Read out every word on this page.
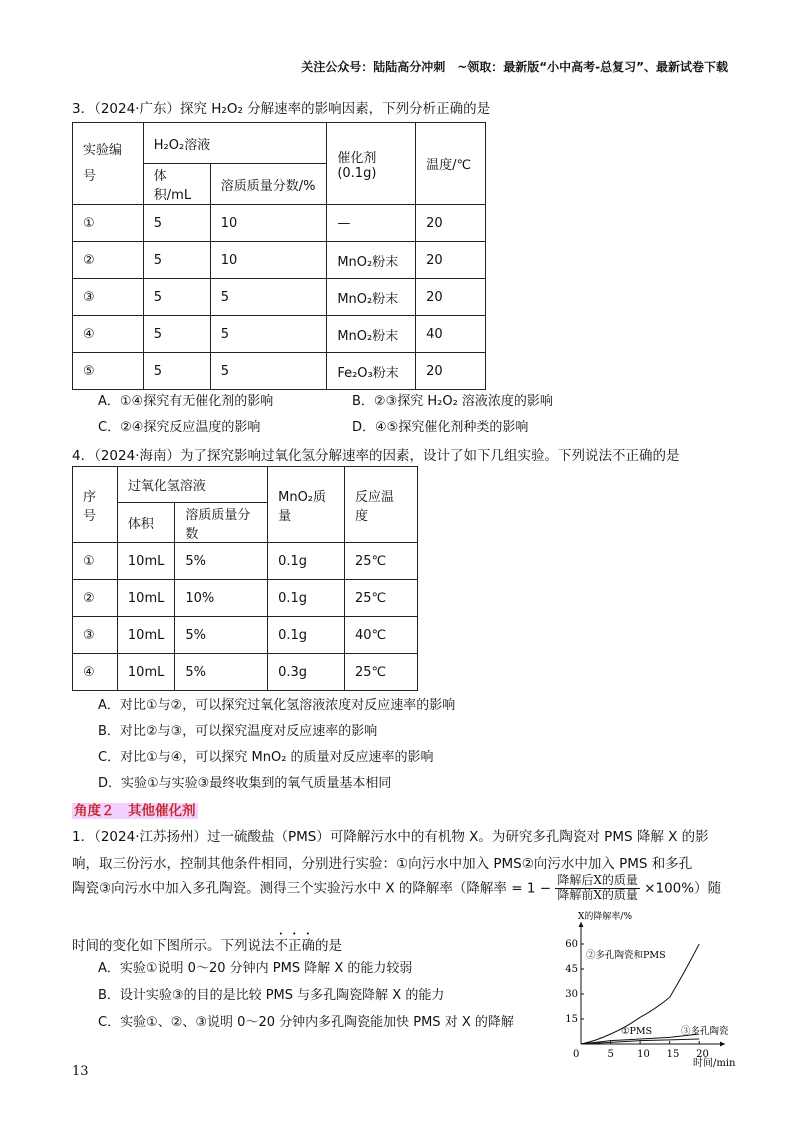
关注公众号：陆陆高分冲刺　~领取：最新版“小中高考-总复习”、最新试卷下载
3．（2024·广东）探究 H₂O₂ 分解速率的影响因素，下列分析正确的是
实验编号	H₂O₂溶液		催化剂(0.1g)	温度/℃
	体积/mL	溶质质量分数/%		
①	5	10	—	20
②	5	10	MnO₂粉末	20
③	5	5	MnO₂粉末	20
④	5	5	MnO₂粉末	40
⑤	5	5	Fe₂O₃粉末	20
A．①④探究有无催化剂的影响	B．②③探究 H₂O₂ 溶液浓度的影响
C．②④探究反应温度的影响	D．④⑤探究催化剂种类的影响
4．（2024·海南）为了探究影响过氧化氢分解速率的因素，设计了如下几组实验。下列说法不正确的是
序号	过氧化氢溶液		MnO₂质量	反应温度
	体积	溶质质量分数		
①	10mL	5%	0.1g	25℃
②	10mL	10%	0.1g	25℃
③	10mL	5%	0.1g	40℃
④	10mL	5%	0.3g	25℃
A．对比①与②，可以探究过氧化氢溶液浓度对反应速率的影响
B．对比②与③，可以探究温度对反应速率的影响
C．对比①与④，可以探究 MnO₂ 的质量对反应速率的影响
D．实验①与实验③最终收集到的氧气质量基本相同
角度２　其他催化剂
1．（2024·江苏扬州）过一硫酸盐（PMS）可降解污水中的有机物 X。为研究多孔陶瓷对 PMS 降解 X 的影
响，取三份污水，控制其他条件相同，分别进行实验：①向污水中加入 PMS②向污水中加入 PMS 和多孔
陶瓷③向污水中加入多孔陶瓷。测得三个实验污水中 X 的降解率（降解率 = $1 - \frac{\text{降解后X的质量}}{\text{降解前X的质量}} \times 100\%$）随
时间的变化如下图所示。下列说法不正确的是
A．实验①说明 0～20 分钟内 PMS 降解 X 的能力较弱
B．设计实验③的目的是比较 PMS 与多孔陶瓷降解 X 的能力
C．实验①、②、③说明 0～20 分钟内多孔陶瓷能加快 PMS 对 X 的降解
X的降解率/%
时间/min
0	5 10 15 20
15
30
45
60
②多孔陶瓷和PMS
①PMS	③多孔陶瓷
13
